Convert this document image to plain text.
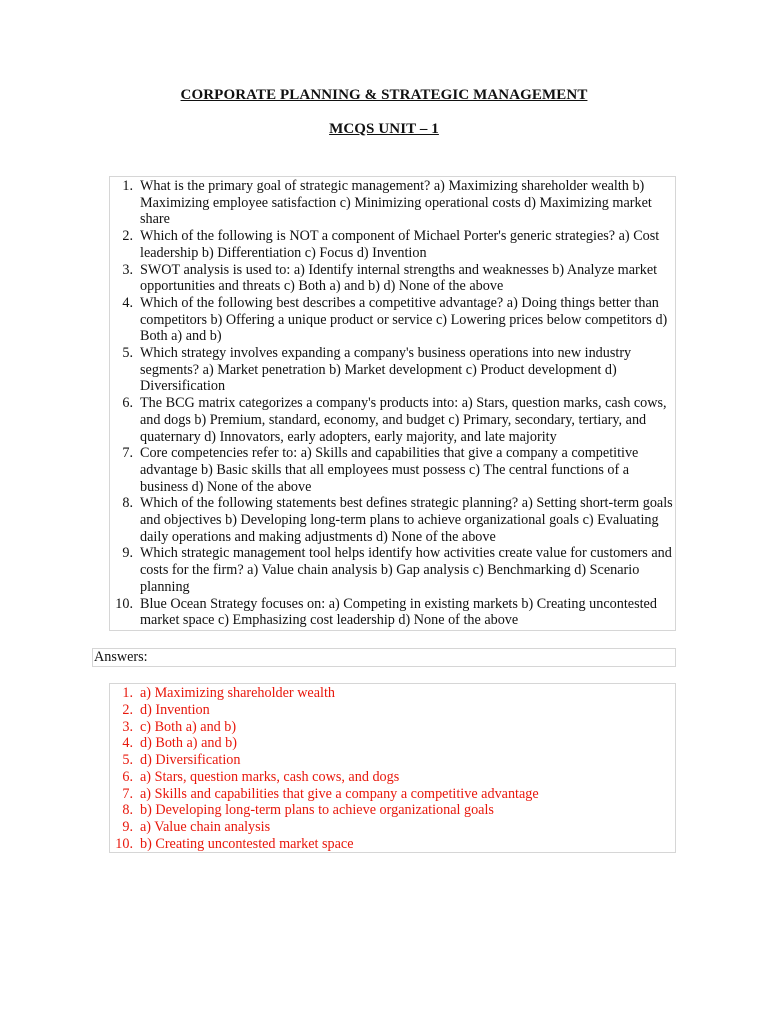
CORPORATE PLANNING & STRATEGIC MANAGEMENT
MCQS UNIT – 1
1. What is the primary goal of strategic management? a) Maximizing shareholder wealth b) Maximizing employee satisfaction c) Minimizing operational costs d) Maximizing market share
2. Which of the following is NOT a component of Michael Porter's generic strategies? a) Cost leadership b) Differentiation c) Focus d) Invention
3. SWOT analysis is used to: a) Identify internal strengths and weaknesses b) Analyze market opportunities and threats c) Both a) and b) d) None of the above
4. Which of the following best describes a competitive advantage? a) Doing things better than competitors b) Offering a unique product or service c) Lowering prices below competitors d) Both a) and b)
5. Which strategy involves expanding a company's business operations into new industry segments? a) Market penetration b) Market development c) Product development d) Diversification
6. The BCG matrix categorizes a company's products into: a) Stars, question marks, cash cows, and dogs b) Premium, standard, economy, and budget c) Primary, secondary, tertiary, and quaternary d) Innovators, early adopters, early majority, and late majority
7. Core competencies refer to: a) Skills and capabilities that give a company a competitive advantage b) Basic skills that all employees must possess c) The central functions of a business d) None of the above
8. Which of the following statements best defines strategic planning? a) Setting short-term goals and objectives b) Developing long-term plans to achieve organizational goals c) Evaluating daily operations and making adjustments d) None of the above
9. Which strategic management tool helps identify how activities create value for customers and costs for the firm? a) Value chain analysis b) Gap analysis c) Benchmarking d) Scenario planning
10. Blue Ocean Strategy focuses on: a) Competing in existing markets b) Creating uncontested market space c) Emphasizing cost leadership d) None of the above
Answers:
1. a) Maximizing shareholder wealth
2. d) Invention
3. c) Both a) and b)
4. d) Both a) and b)
5. d) Diversification
6. a) Stars, question marks, cash cows, and dogs
7. a) Skills and capabilities that give a company a competitive advantage
8. b) Developing long-term plans to achieve organizational goals
9. a) Value chain analysis
10. b) Creating uncontested market space
